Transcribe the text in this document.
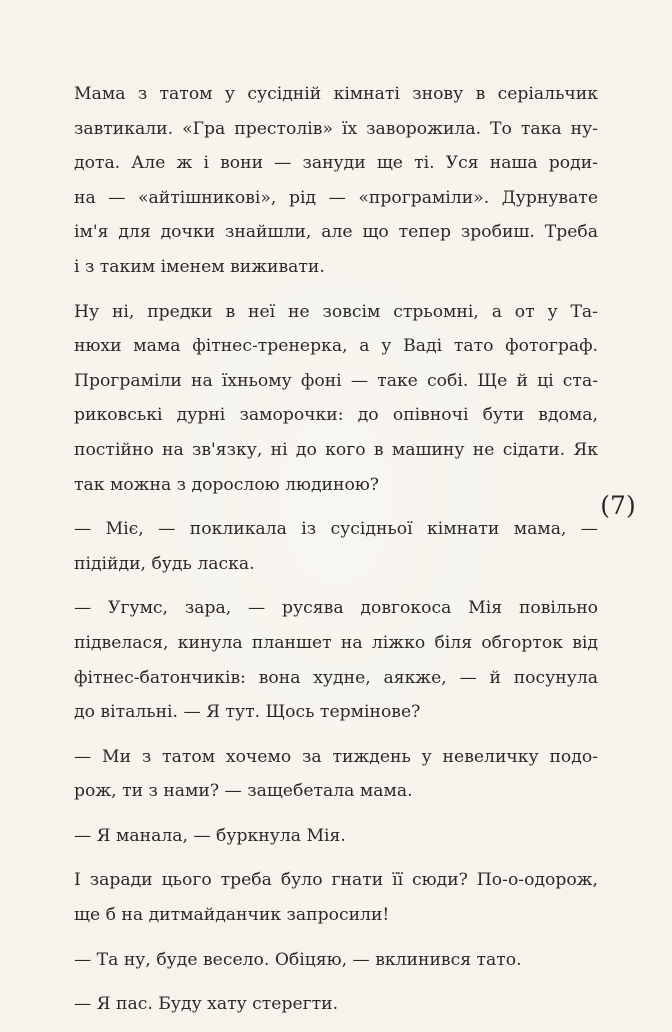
Мама з татом у сусідній кімнаті знову в серіальчик
завтикали. «Гра престолів» їх заворожила. То така ну-
дота. Але ж і вони — зануди ще ті. Уся наша роди-
на — «айтішникові», рід — «програміли». Дурнувате
ім'я для дочки знайшли, але що тепер зробиш. Треба
і з таким іменем виживати.

Ну ні, предки в неї не зовсім стрьомні, а от у Та-
нюхи мама фітнес-тренерка, а у Ваді тато фотограф.
Програміли на їхньому фоні — таке собі. Ще й ці ста-
риковські дурні заморочки: до опівночі бути вдома,
постійно на зв'язку, ні до кого в машину не сідати. Як
так можна з дорослою людиною?

— Міє, — покликала із сусідньої кімнати мама, —
підійди, будь ласка.

— Угумс, зара, — русява довгокоса Мія повільно
підвелася, кинула планшет на ліжко біля обгорток від
фітнес-батончиків: вона худне, аякже, — й посунула
до вітальні. — Я тут. Щось термінове?

— Ми з татом хочемо за тиждень у невеличку подо-
рож, ти з нами? — защебетала мама.

— Я манала, — буркнула Мія.

І заради цього треба було гнати її сюди? По-о-одорож,
ще б на дитмайданчик запросили!

— Та ну, буде весело. Обіцяю, — вклинився тато.

— Я пас. Буду хату стерегти.

(7)
